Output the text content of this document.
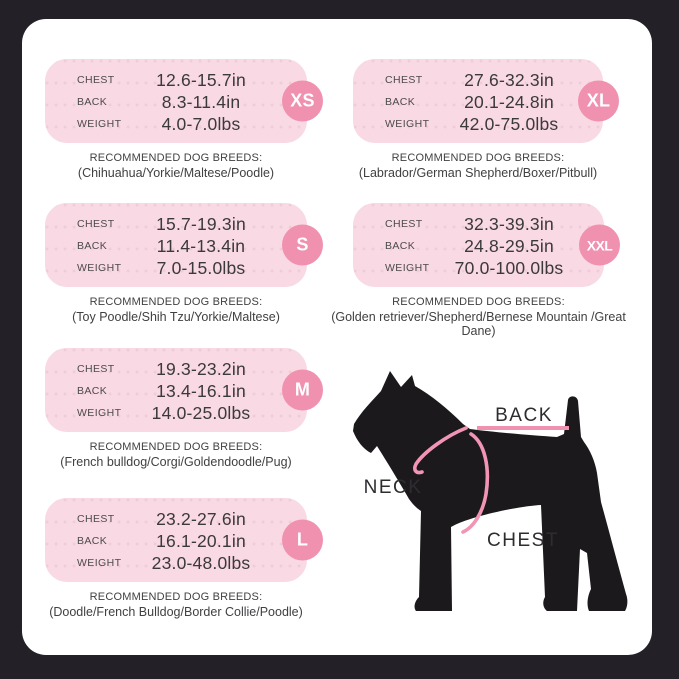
CHEST	12.6-15.7in
BACK	8.3-11.4in
WEIGHT	4.0-7.0lbs
XS
RECOMMENDED DOG BREEDS:
(Chihuahua/Yorkie/Maltese/Poodle)
CHEST	15.7-19.3in
BACK	11.4-13.4in
WEIGHT	7.0-15.0lbs
S
RECOMMENDED DOG BREEDS:
(Toy Poodle/Shih Tzu/Yorkie/Maltese)
CHEST	19.3-23.2in
BACK	13.4-16.1in
WEIGHT	14.0-25.0lbs
M
RECOMMENDED DOG BREEDS:
(French bulldog/Corgi/Goldendoodle/Pug)
CHEST	23.2-27.6in
BACK	16.1-20.1in
WEIGHT	23.0-48.0lbs
L
RECOMMENDED DOG BREEDS:
(Doodle/French Bulldog/Border Collie/Poodle)
CHEST	27.6-32.3in
BACK	20.1-24.8in
WEIGHT	42.0-75.0lbs
XL
RECOMMENDED DOG BREEDS:
(Labrador/German Shepherd/Boxer/Pitbull)
CHEST	32.3-39.3in
BACK	24.8-29.5in
WEIGHT	70.0-100.0lbs
XXL
RECOMMENDED DOG BREEDS:
(Golden retriever/Shepherd/Bernese Mountain /Great Dane)
BACK
NECK
CHEST
